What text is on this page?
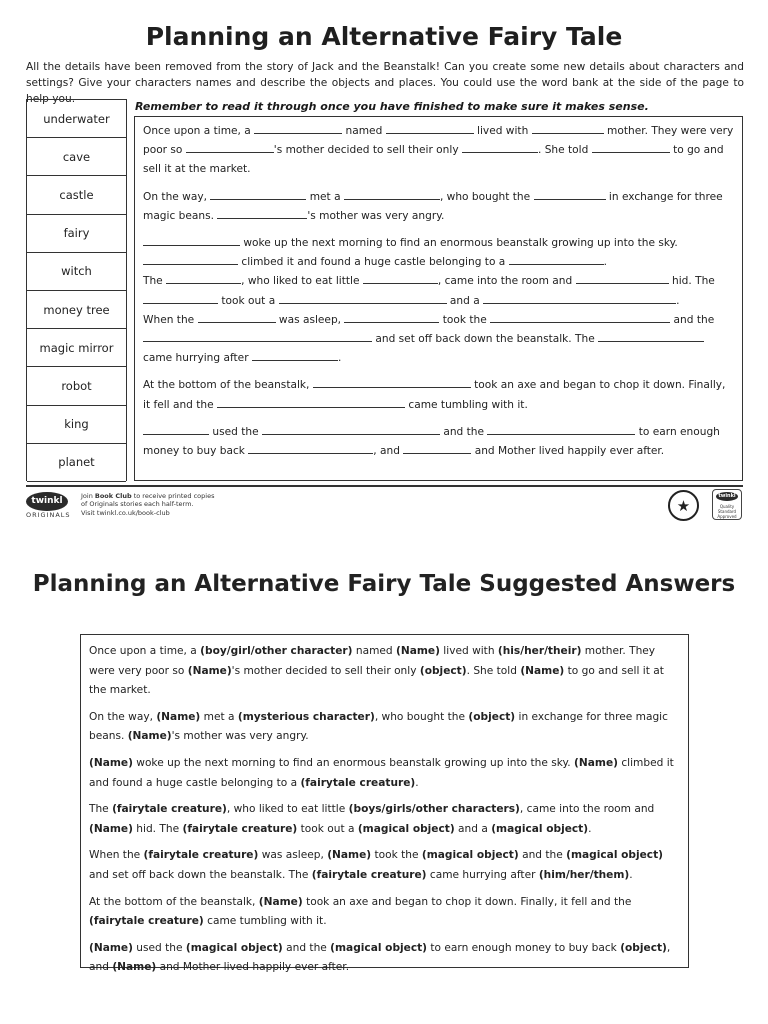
Planning an Alternative Fairy Tale

All the details have been removed from the story of Jack and the Beanstalk! Can you create some new details about characters and settings? Give your characters names and describe the objects and places. You could use the word bank at the side of the page to help you.

underwater
cave
castle
fairy
witch
money tree
magic mirror
robot
king
planet
Remember to read it through once you have finished to make sure it makes sense.

Once upon a time, a	named	lived with	mother. They were very poor so	's mother decided to sell their only	. She told	to go and sell it at the market.

On the way,	met a	, who bought the	in exchange for three magic beans.	's mother was very angry.

woke up the next morning to find an enormous beanstalk growing up into the sky.  climbed it and found a huge castle belonging to a	.

The	, who liked to eat little	, came into the room and	hid. The  took out a	and a	.

When the	was asleep,	took the	and the  and set off back down the beanstalk. The  came hurrying after	.

At the bottom of the beanstalk,	took an axe and began to chop it down. Finally, it fell and the	came tumbling with it.

used the	and the	to earn enough money to buy back	, and	and Mother lived happily ever after.

twinkl
ORIGINALS
Join Book Club to receive printed copies
of Originals stories each half-term.
Visit twinkl.co.uk/book-club	★
twinkl
Quality Standard Approved
Planning an Alternative Fairy Tale Suggested Answers

Once upon a time, a (boy/girl/other character) named (Name) lived with (his/her/their) mother. They were very poor so (Name)'s mother decided to sell their only (object). She told (Name) to go and sell it at the market.

On the way, (Name) met a (mysterious character), who bought the (object) in exchange for three magic beans. (Name)'s mother was very angry.

(Name) woke up the next morning to find an enormous beanstalk growing up into the sky. (Name) climbed it and found a huge castle belonging to a (fairytale creature).

The (fairytale creature), who liked to eat little (boys/girls/other characters), came into the room and (Name) hid. The (fairytale creature) took out a (magical object) and a (magical object).

When the (fairytale creature) was asleep, (Name) took the (magical object) and the (magical object) and set off back down the beanstalk. The (fairytale creature) came hurrying after (him/her/them).

At the bottom of the beanstalk, (Name) took an axe and began to chop it down. Finally, it fell and the (fairytale creature) came tumbling with it.

(Name) used the (magical object) and the (magical object) to earn enough money to buy back (object), and (Name) and Mother lived happily ever after.
